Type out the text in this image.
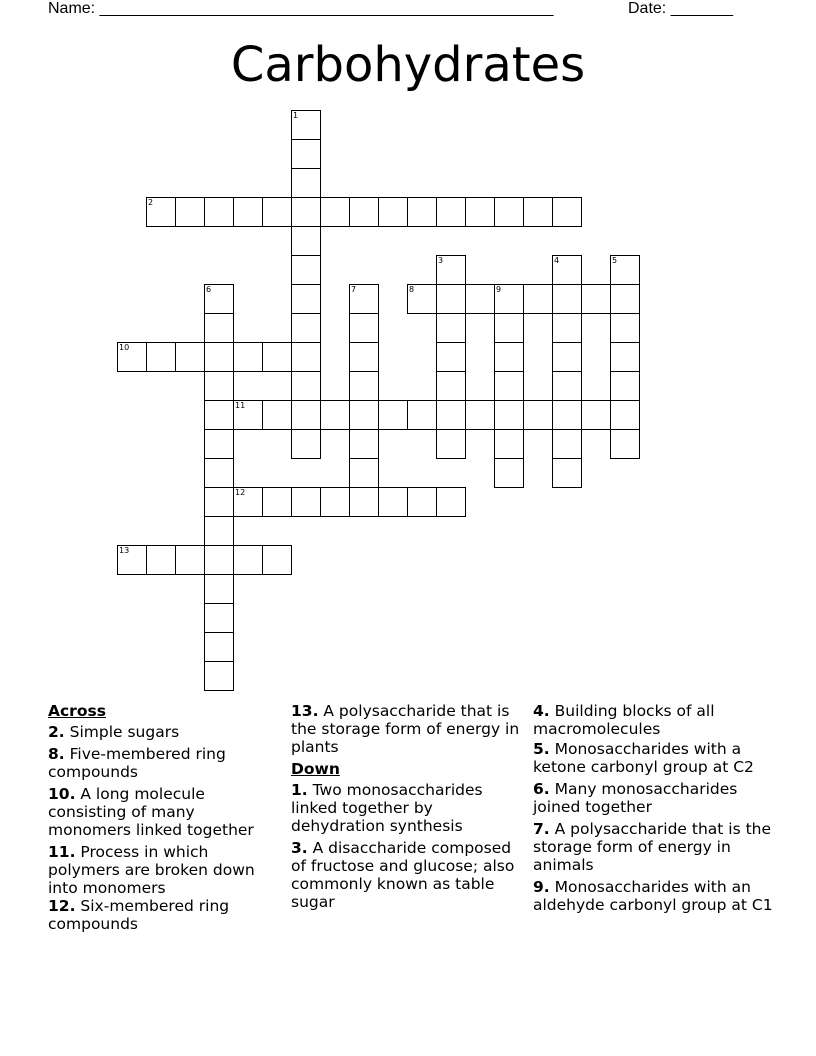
Name: ___________________________________________________	Date: _______
Carbohydrates
1
2
3	4	5
6	7	8	9
10
11
12
13
Across
2. Simple sugars
8. Five-membered ring compounds
10. A long molecule consisting of many monomers linked together
11. Process in which polymers are broken down into monomers
12. Six-membered ring compounds
13. A polysaccharide that is the storage form of energy in plants
Down
1. Two monosaccharides linked together by dehydration synthesis
3. A disaccharide composed of fructose and glucose; also commonly known as table sugar
4. Building blocks of all macromolecules
5. Monosaccharides with a ketone carbonyl group at C2
6. Many monosaccharides joined together
7. A polysaccharide that is the storage form of energy in animals
9. Monosaccharides with an aldehyde carbonyl group at C1
